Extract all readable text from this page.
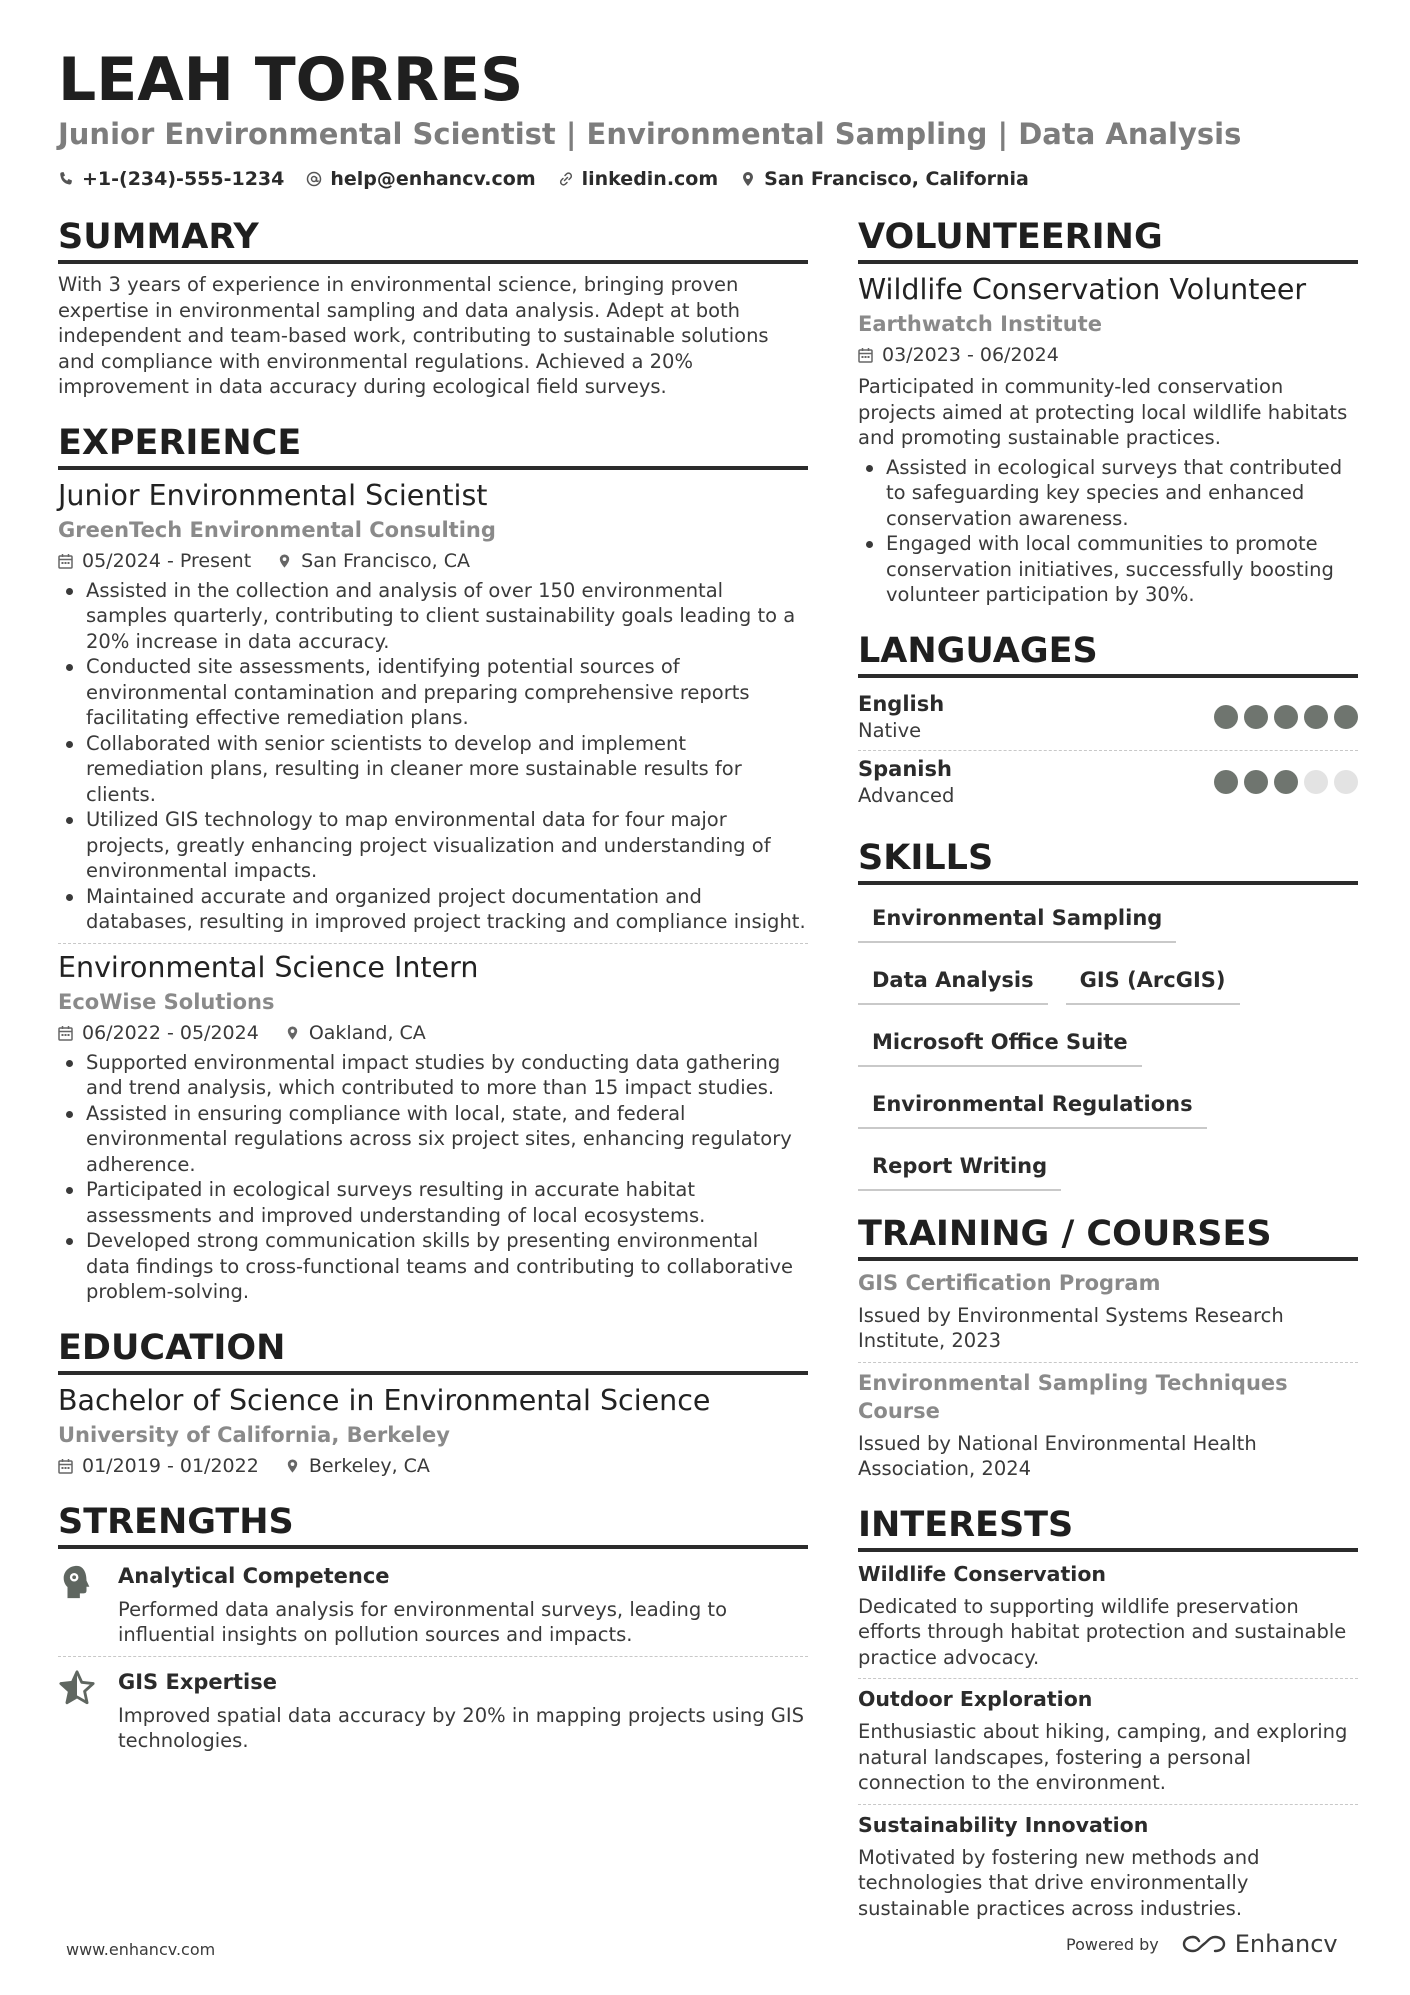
LEAH TORRES
Junior Environmental Scientist | Environmental Sampling | Data Analysis
+1-(234)-555-1234 help@enhancv.com linkedin.com San Francisco, California
SUMMARY
With 3 years of experience in environmental science, bringing proven expertise in environmental sampling and data analysis. Adept at both independent and team-based work, contributing to sustainable solutions and compliance with environmental regulations. Achieved a 20% improvement in data accuracy during ecological field surveys.
EXPERIENCE
Junior Environmental Scientist
GreenTech Environmental Consulting
05/2024 - Present	San Francisco, CA
Assisted in the collection and analysis of over 150 environmental samples quarterly, contributing to client sustainability goals leading to a 20% increase in data accuracy.
Conducted site assessments, identifying potential sources of environmental contamination and preparing comprehensive reports facilitating effective remediation plans.
Collaborated with senior scientists to develop and implement remediation plans, resulting in cleaner more sustainable results for clients.
Utilized GIS technology to map environmental data for four major projects, greatly enhancing project visualization and understanding of environmental impacts.
Maintained accurate and organized project documentation and databases, resulting in improved project tracking and compliance insight.
Environmental Science Intern
EcoWise Solutions
06/2022 - 05/2024	Oakland, CA
Supported environmental impact studies by conducting data gathering and trend analysis, which contributed to more than 15 impact studies.
Assisted in ensuring compliance with local, state, and federal environmental regulations across six project sites, enhancing regulatory adherence.
Participated in ecological surveys resulting in accurate habitat assessments and improved understanding of local ecosystems.
Developed strong communication skills by presenting environmental data findings to cross-functional teams and contributing to collaborative problem-solving.
EDUCATION
Bachelor of Science in Environmental Science
University of California, Berkeley
01/2019 - 01/2022	Berkeley, CA
STRENGTHS
Analytical Competence
Performed data analysis for environmental surveys, leading to influential insights on pollution sources and impacts.
GIS Expertise
Improved spatial data accuracy by 20% in mapping projects using GIS technologies.
VOLUNTEERING
Wildlife Conservation Volunteer
Earthwatch Institute
03/2023 - 06/2024
Participated in community-led conservation projects aimed at protecting local wildlife habitats and promoting sustainable practices.
Assisted in ecological surveys that contributed to safeguarding key species and enhanced conservation awareness.
Engaged with local communities to promote conservation initiatives, successfully boosting volunteer participation by 30%.
LANGUAGES
English
Native
Spanish
Advanced
SKILLS
Environmental Sampling
Data Analysis	GIS (ArcGIS)
Microsoft Office Suite
Environmental Regulations
Report Writing
TRAINING / COURSES
GIS Certification Program
Issued by Environmental Systems Research Institute, 2023
Environmental Sampling Techniques Course
Issued by National Environmental Health Association, 2024
INTERESTS
Wildlife Conservation
Dedicated to supporting wildlife preservation efforts through habitat protection and sustainable practice advocacy.
Outdoor Exploration
Enthusiastic about hiking, camping, and exploring natural landscapes, fostering a personal connection to the environment.
Sustainability Innovation
Motivated by fostering new methods and technologies that drive environmentally sustainable practices across industries.
www.enhancv.com	Powered by	Enhancv
